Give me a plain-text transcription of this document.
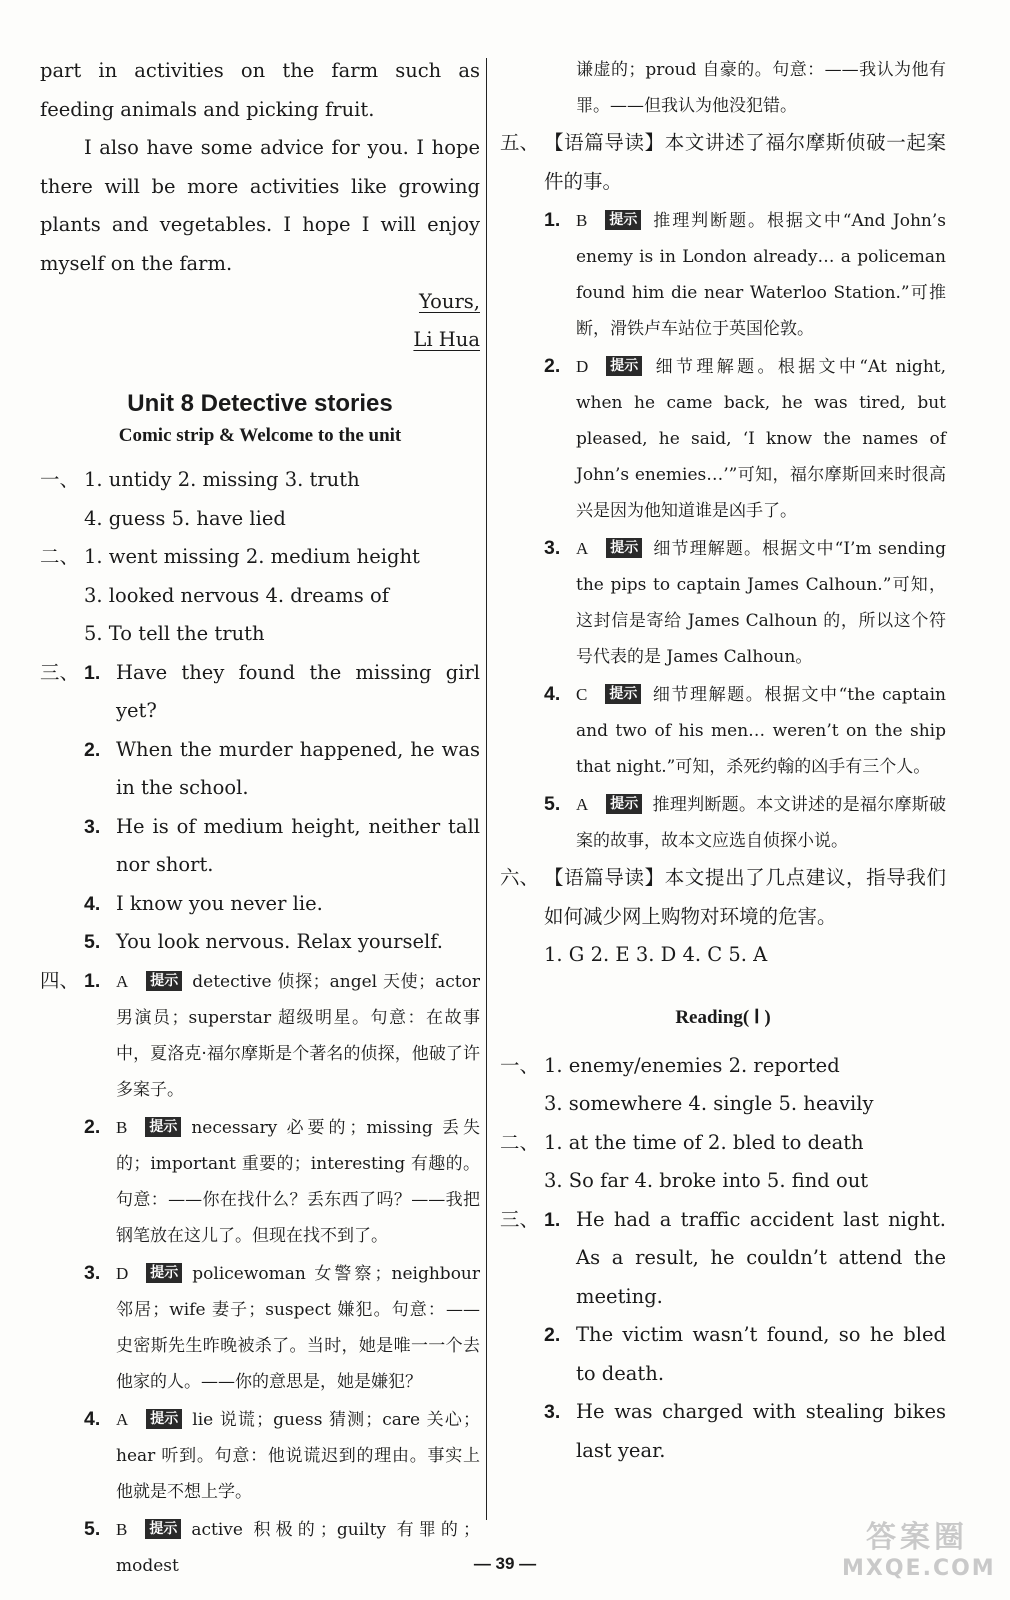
part in activities on the farm such as feeding animals and picking fruit.

I also have some advice for you. I hope there will be more activities like growing plants and vegetables. I hope I will enjoy myself on the farm.

Yours,
Li Hua
Unit 8 Detective stories
Comic strip & Welcome to the unit
一、 1. untidy 2. missing 3. truth
4. guess 5. have lied
二、 1. went missing 2. medium height
3. looked nervous 4. dreams of
5. To tell the truth
三、 1. Have they found the missing girl yet?
2. When the murder happened, he was in the school.
3. He is of medium height, neither tall nor short.
4. I know you never lie.
5. You look nervous. Relax yourself.
四、 1. A 提示 detective 侦探；angel 天使；actor 男演员；superstar 超级明星。句意：在故事中，夏洛克·福尔摩斯是个著名的侦探，他破了许多案子。
2. B 提示 necessary 必要的；missing 丢失的；important 重要的；interesting 有趣的。句意：——你在找什么？丢东西了吗？——我把钢笔放在这儿了。但现在找不到了。
3. D 提示 policewoman 女警察；neighbour 邻居；wife 妻子；suspect 嫌犯。句意：——史密斯先生昨晚被杀了。当时，她是唯一一个去他家的人。——你的意思是，她是嫌犯？
4. A 提示 lie 说谎；guess 猜测；care 关心；hear 听到。句意：他说谎迟到的理由。事实上他就是不想上学。
5. B 提示 active 积极的；guilty 有罪的；modest
谦虚的；proud 自豪的。句意：——我认为他有罪。——但我认为他没犯错。
五、 【语篇导读】本文讲述了福尔摩斯侦破一起案件的事。
1. B 提示 推理判断题。根据文中“And John’s enemy is in London already… a policeman found him die near Waterloo Station.”可推断，滑铁卢车站位于英国伦敦。
2. D 提示 细节理解题。根据文中“At night, when he came back, he was tired, but pleased, he said, ‘I know the names of John’s enemies…’”可知，福尔摩斯回来时很高兴是因为他知道谁是凶手了。
3. A 提示 细节理解题。根据文中“I’m sending the pips to captain James Calhoun.”可知，这封信是寄给 James Calhoun 的，所以这个符号代表的是 James Calhoun。
4. C 提示 细节理解题。根据文中“the captain and two of his men… weren’t on the ship that night.”可知，杀死约翰的凶手有三个人。
5. A 提示 推理判断题。本文讲述的是福尔摩斯破案的故事，故本文应选自侦探小说。
六、 【语篇导读】本文提出了几点建议，指导我们如何减少网上购物对环境的危害。
1. G 2. E 3. D 4. C 5. A
Reading( Ⅰ )
一、 1. enemy/enemies 2. reported
3. somewhere 4. single 5. heavily
二、 1. at the time of 2. bled to death
3. So far 4. broke into 5. find out
三、 1. He had a traffic accident last night. As a result, he couldn’t attend the meeting.
2. The victim wasn’t found, so he bled to death.
3. He was charged with stealing bikes last year.
— 39 —
答案圈
MXQE.COM
